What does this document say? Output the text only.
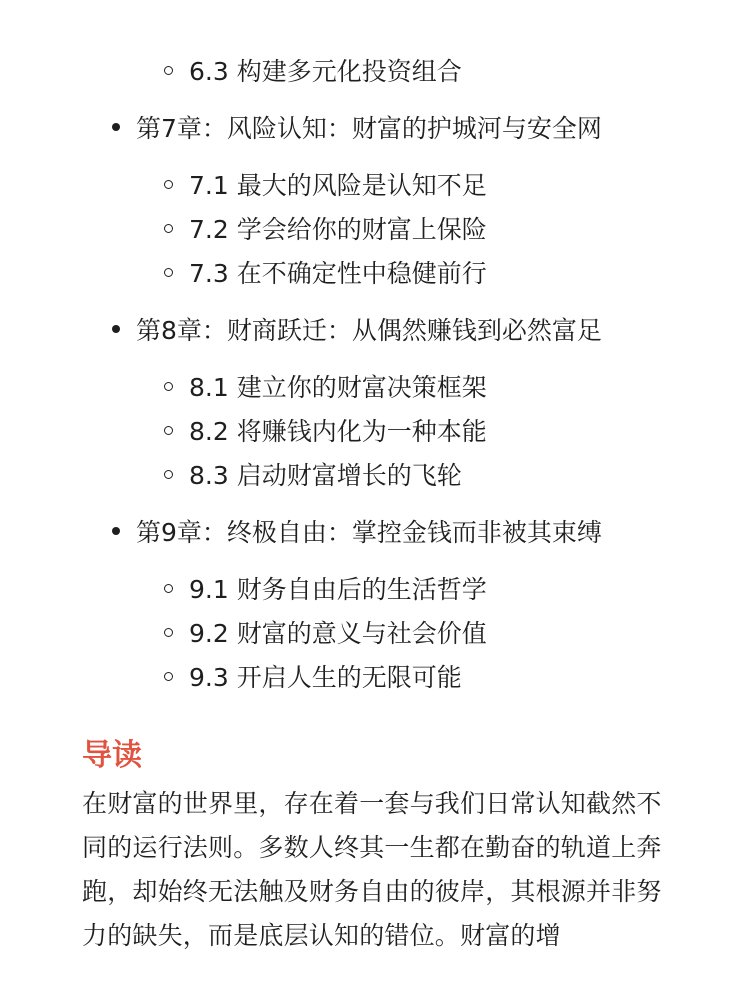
6.3 构建多元化投资组合
第7章：风险认知：财富的护城河与安全网
7.1 最大的风险是认知不足
7.2 学会给你的财富上保险
7.3 在不确定性中稳健前行
第8章：财商跃迁：从偶然赚钱到必然富足
8.1 建立你的财富决策框架
8.2 将赚钱内化为一种本能
8.3 启动财富增长的飞轮
第9章：终极自由：掌控金钱而非被其束缚
9.1 财务自由后的生活哲学
9.2 财富的意义与社会价值
9.3 开启人生的无限可能
导读

在财富的世界里，存在着一套与我们日常认知截然不同的运行法则。多数人终其一生都在勤奋的轨道上奔跑，却始终无法触及财务自由的彼岸，其根源并非努力的缺失，而是底层认知的错位。财富的增
